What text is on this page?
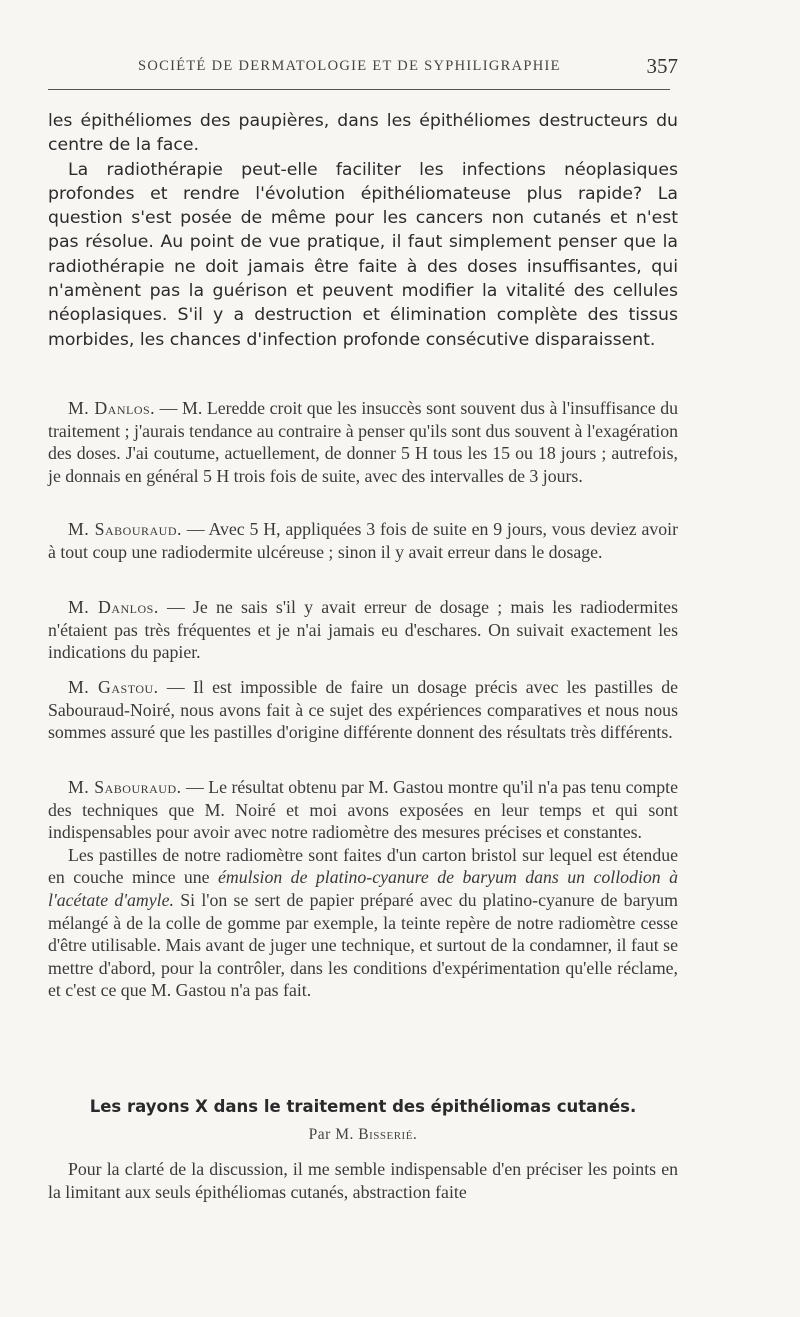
SOCIÉTÉ DE DERMATOLOGIE ET DE SYPHILIGRAPHIE	357

les épithéliomes des paupières, dans les épithéliomes destructeurs du centre de la face.

La radiothérapie peut-elle faciliter les infections néoplasiques profondes et rendre l'évolution épithéliomateuse plus rapide? La question s'est posée de même pour les cancers non cutanés et n'est pas résolue. Au point de vue pratique, il faut simplement penser que la radiothérapie ne doit jamais être faite à des doses insuffisantes, qui n'amènent pas la guérison et peuvent modifier la vitalité des cellules néoplasiques. S'il y a destruction et élimination complète des tissus morbides, les chances d'infection profonde consécutive disparaissent.

M. Danlos. — M. Leredde croit que les insuccès sont souvent dus à l'insuffisance du traitement ; j'aurais tendance au contraire à penser qu'ils sont dus souvent à l'exagération des doses. J'ai coutume, actuellement, de donner 5 H tous les 15 ou 18 jours ; autrefois, je donnais en général 5 H trois fois de suite, avec des intervalles de 3 jours.

M. Sabouraud. — Avec 5 H, appliquées 3 fois de suite en 9 jours, vous deviez avoir à tout coup une radiodermite ulcéreuse ; sinon il y avait erreur dans le dosage.

M. Danlos. — Je ne sais s'il y avait erreur de dosage ; mais les radiodermites n'étaient pas très fréquentes et je n'ai jamais eu d'eschares. On suivait exactement les indications du papier.

M. Gastou. — Il est impossible de faire un dosage précis avec les pastilles de Sabouraud-Noiré, nous avons fait à ce sujet des expériences comparatives et nous nous sommes assuré que les pastilles d'origine différente donnent des résultats très différents.

M. Sabouraud. — Le résultat obtenu par M. Gastou montre qu'il n'a pas tenu compte des techniques que M. Noiré et moi avons exposées en leur temps et qui sont indispensables pour avoir avec notre radiomètre des mesures précises et constantes.

Les pastilles de notre radiomètre sont faites d'un carton bristol sur lequel est étendue en couche mince une émulsion de platino-cyanure de baryum dans un collodion à l'acétate d'amyle. Si l'on se sert de papier préparé avec du platino-cyanure de baryum mélangé à de la colle de gomme par exemple, la teinte repère de notre radiomètre cesse d'être utilisable. Mais avant de juger une technique, et surtout de la condamner, il faut se mettre d'abord, pour la contrôler, dans les conditions d'expérimentation qu'elle réclame, et c'est ce que M. Gastou n'a pas fait.

Les rayons X dans le traitement des épithéliomas cutanés.
Par M. Bisserié.

Pour la clarté de la discussion, il me semble indispensable d'en préciser les points en la limitant aux seuls épithéliomas cutanés, abstraction faite
